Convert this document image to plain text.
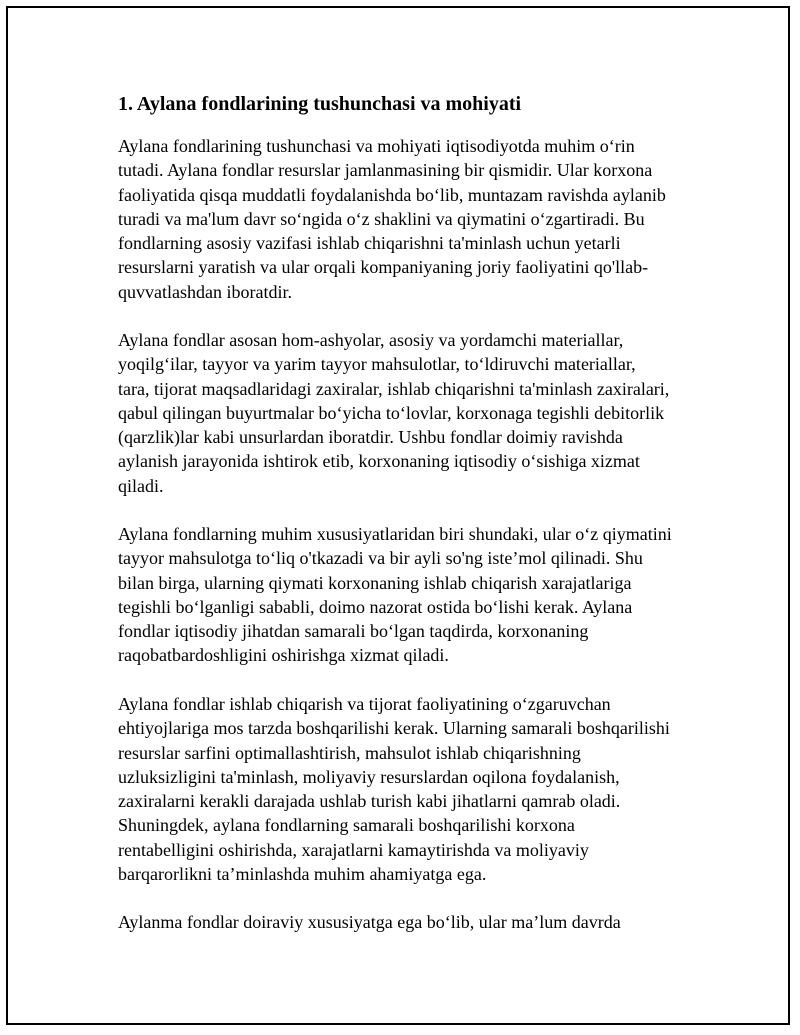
1. Aylana fondlarining tushunchasi va mohiyati

Aylana fondlarining tushunchasi va mohiyati iqtisodiyotda muhim o‘rin
tutadi. Aylana fondlar resurslar jamlanmasining bir qismidir. Ular korxona
faoliyatida qisqa muddatli foydalanishda bo‘lib, muntazam ravishda aylanib
turadi va ma'lum davr so‘ngida o‘z shaklini va qiymatini o‘zgartiradi. Bu
fondlarning asosiy vazifasi ishlab chiqarishni ta'minlash uchun yetarli
resurslarni yaratish va ular orqali kompaniyaning joriy faoliyatini qo'llab-
quvvatlashdan iboratdir.

Aylana fondlar asosan hom-ashyolar, asosiy va yordamchi materiallar,
yoqilg‘ilar, tayyor va yarim tayyor mahsulotlar, to‘ldiruvchi materiallar,
tara, tijorat maqsadlaridagi zaxiralar, ishlab chiqarishni ta'minlash zaxiralari,
qabul qilingan buyurtmalar bo‘yicha to‘lovlar, korxonaga tegishli debitorlik
(qarzlik)lar kabi unsurlardan iboratdir. Ushbu fondlar doimiy ravishda
aylanish jarayonida ishtirok etib, korxonaning iqtisodiy o‘sishiga xizmat
qiladi.

Aylana fondlarning muhim xususiyatlaridan biri shundaki, ular o‘z qiymatini
tayyor mahsulotga to‘liq o'tkazadi va bir ayli so'ng iste’mol qilinadi. Shu
bilan birga, ularning qiymati korxonaning ishlab chiqarish xarajatlariga
tegishli bo‘lganligi sababli, doimo nazorat ostida bo‘lishi kerak. Aylana
fondlar iqtisodiy jihatdan samarali bo‘lgan taqdirda, korxonaning
raqobatbardoshligini oshirishga xizmat qiladi.

Aylana fondlar ishlab chiqarish va tijorat faoliyatining o‘zgaruvchan
ehtiyojlariga mos tarzda boshqarilishi kerak. Ularning samarali boshqarilishi
resurslar sarfini optimallashtirish, mahsulot ishlab chiqarishning
uzluksizligini ta'minlash, moliyaviy resurslardan oqilona foydalanish,
zaxiralarni kerakli darajada ushlab turish kabi jihatlarni qamrab oladi.
Shuningdek, aylana fondlarning samarali boshqarilishi korxona
rentabelligini oshirishda, xarajatlarni kamaytirishda va moliyaviy
barqarorlikni ta’minlashda muhim ahamiyatga ega.

Aylanma fondlar doiraviy xususiyatga ega bo‘lib, ular ma’lum davrda
